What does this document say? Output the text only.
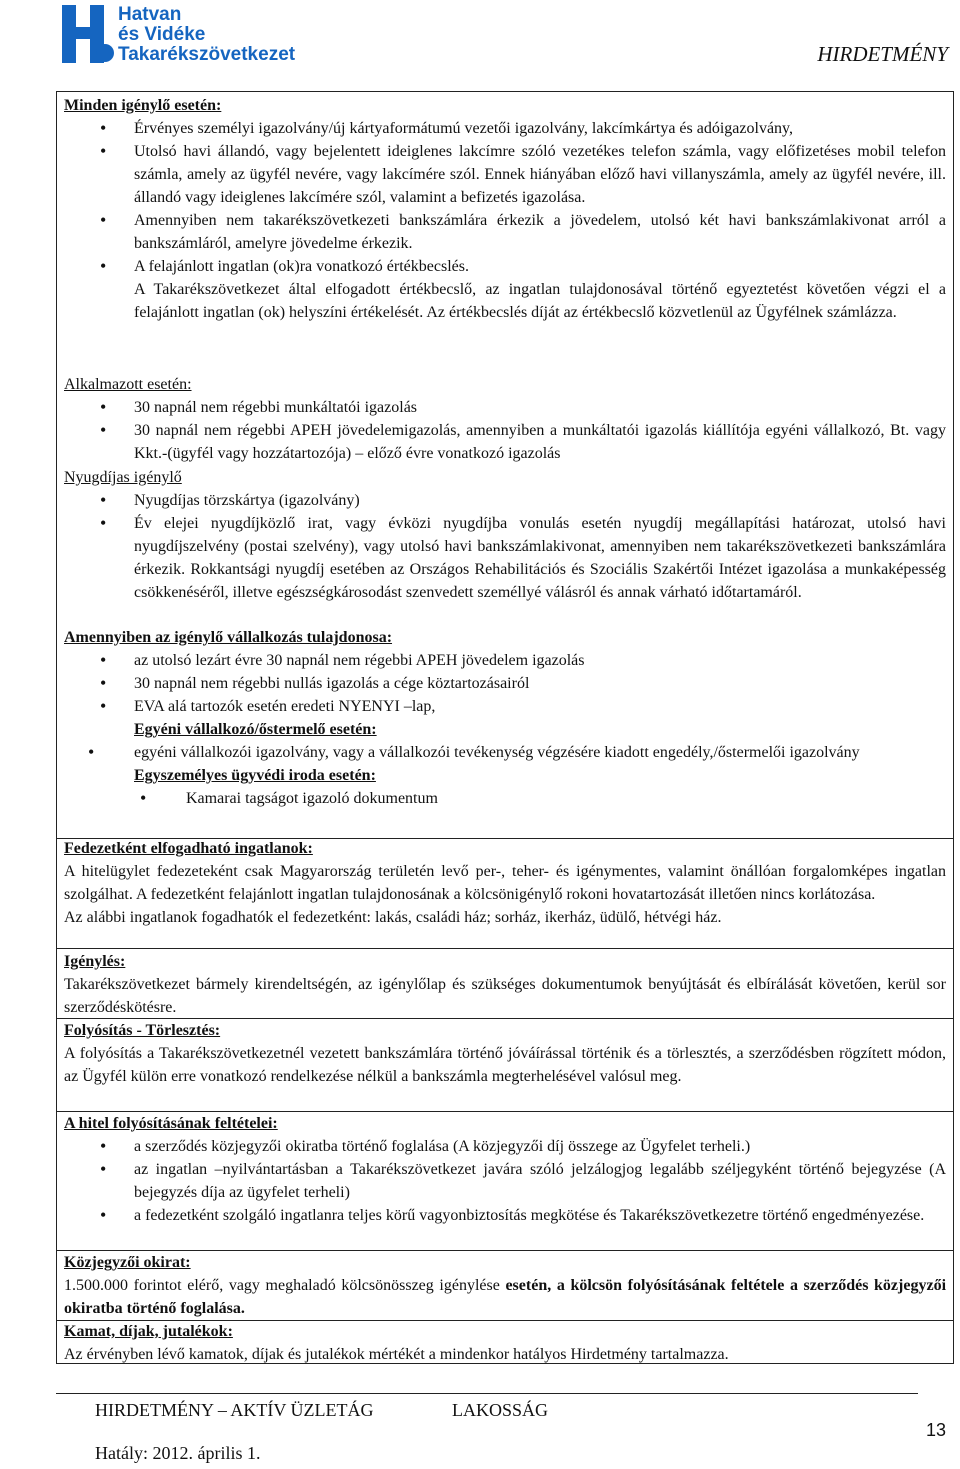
Hatvan
és Vidéke
Takarékszövetkezet	HIRDETMÉNY
Minden igénylő esetén:
• Érvényes személyi igazolvány/új kártyaformátumú vezetői igazolvány, lakcímkártya és adóigazolvány,
• Utolsó havi állandó, vagy bejelentett ideiglenes lakcímre szóló vezetékes telefon számla, vagy előfizetéses mobil telefon számla, amely az ügyfél nevére, vagy lakcímére szól. Ennek hiányában előző havi villanyszámla, amely az ügyfél nevére, ill. állandó vagy ideiglenes lakcímére szól, valamint a befizetés igazolása.
• Amennyiben nem takarékszövetkezeti bankszámlára érkezik a jövedelem, utolsó két havi bankszámlakivonat arról a bankszámláról, amelyre jövedelme érkezik.
• A felajánlott ingatlan (ok)ra vonatkozó értékbecslés.

A Takarékszövetkezet által elfogadott értékbecslő, az ingatlan tulajdonosával történő egyeztetést követően végzi el a felajánlott ingatlan (ok) helyszíni értékelését. Az értékbecslés díját az értékbecslő közvetlenül az Ügyfélnek számlázza.

Alkalmazott esetén:
• 30 napnál nem régebbi munkáltatói igazolás
• 30 napnál nem régebbi APEH jövedelemigazolás, amennyiben a munkáltatói igazolás kiállítója egyéni vállalkozó, Bt. vagy Kkt.-(ügyfél vagy hozzátartozója) – előző évre vonatkozó igazolás
Nyugdíjas igénylő
• Nyugdíjas törzskártya (igazolvány)
• Év elejei nyugdíjközlő irat, vagy évközi nyugdíjba vonulás esetén nyugdíj megállapítási határozat, utolsó havi nyugdíjszelvény (postai szelvény), vagy utolsó havi bankszámlakivonat, amennyiben nem takarékszövetkezeti bankszámlára érkezik. Rokkantsági nyugdíj esetében az Országos Rehabilitációs és Szociális Szakértői Intézet igazolása a munkaképesség csökkenéséről, illetve egészségkárosodást szenvedett személlyé válásról és annak várható időtartamáról.
Amennyiben az igénylő vállalkozás tulajdonosa:
• az utolsó lezárt évre 30 napnál nem régebbi APEH jövedelem igazolás
• 30 napnál nem régebbi nullás igazolás a cége köztartozásairól
• EVA alá tartozók esetén eredeti NYENYI –lap,
Egyéni vállalkozó/őstermelő esetén:
• egyéni vállalkozói igazolvány, vagy a vállalkozói tevékenység végzésére kiadott engedély,/őstermelői igazolvány
Egyszemélyes ügyvédi iroda esetén:
• Kamarai tagságot igazoló dokumentum
Fedezetként elfogadható ingatlanok:

A hitelügylet fedezeteként csak Magyarország területén levő per-, teher- és igénymentes, valamint önállóan forgalomképes ingatlan szolgálhat. A fedezetként felajánlott ingatlan tulajdonosának a kölcsönigénylő rokoni hovatartozását illetően nincs korlátozása.

Az alábbi ingatlanok fogadhatók el fedezetként: lakás, családi ház; sorház, ikerház, üdülő, hétvégi ház.

Igénylés:

Takarékszövetkezet bármely kirendeltségén, az igénylőlap és szükséges dokumentumok benyújtását és elbírálását követően, kerül sor szerződéskötésre.

Folyósítás - Törlesztés:

A folyósítás a Takarékszövetkezetnél vezetett bankszámlára történő jóváírással történik és a törlesztés, a szerződésben rögzített módon, az Ügyfél külön erre vonatkozó rendelkezése nélkül a bankszámla megterhelésével valósul meg.

A hitel folyósításának feltételei:
• a szerződés közjegyzői okiratba történő foglalása (A közjegyzői díj összege az Ügyfelet terheli.)
• az ingatlan –nyilvántartásban a Takarékszövetkezet javára szóló jelzálogjog legalább széljegyként történő bejegyzése (A bejegyzés díja az ügyfelet terheli)
• a fedezetként szolgáló ingatlanra teljes körű vagyonbiztosítás megkötése és Takarékszövetkezetre történő engedményezése.
Közjegyzői okirat:

1.500.000 forintot elérő, vagy meghaladó kölcsönösszeg igénylése esetén, a kölcsön folyósításának feltétele a szerződés közjegyzői okiratba történő foglalása.

Kamat, díjak, jutalékok:

Az érvényben lévő kamatok, díjak és jutalékok mértékét a mindenkor hatályos Hirdetmény tartalmazza.

HIRDETMÉNY – AKTÍV ÜZLETÁG	LAKOSSÁG
Hatály: 2012. április 1.
13
